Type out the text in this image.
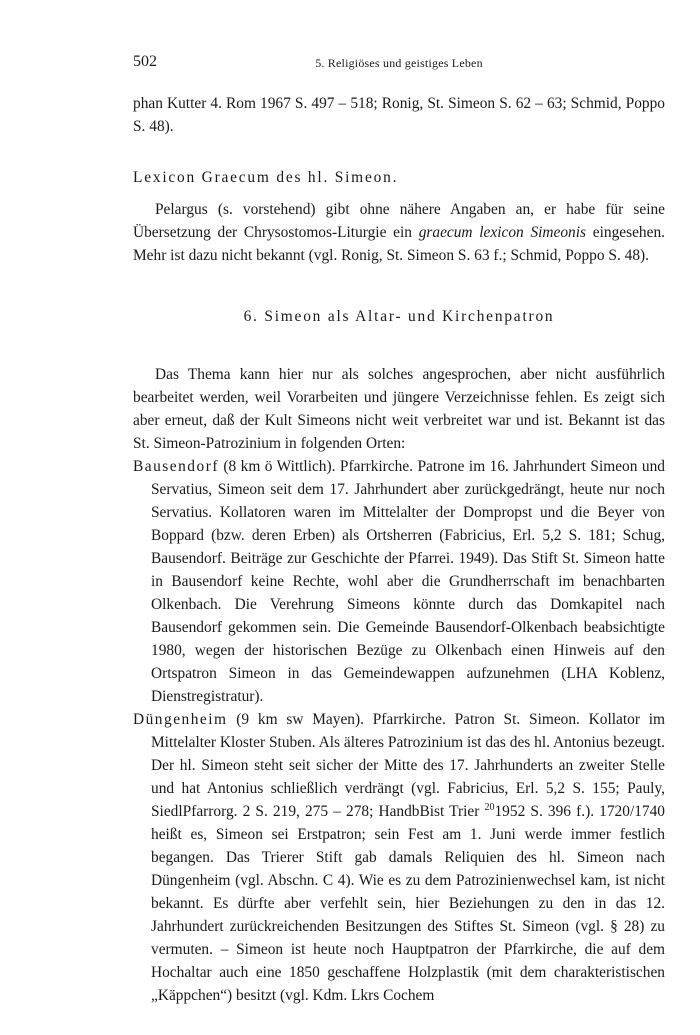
502	5. Religiöses und geistiges Leben

phan Kutter 4. Rom 1967 S. 497 – 518; Ronig, St. Simeon S. 62 – 63; Schmid, Poppo S. 48).

Lexicon Graecum des hl. Simeon.

Pelargus (s. vorstehend) gibt ohne nähere Angaben an, er habe für seine Übersetzung der Chrysostomos-Liturgie ein graecum lexicon Simeonis eingesehen. Mehr ist dazu nicht bekannt (vgl. Ronig, St. Simeon S. 63 f.; Schmid, Poppo S. 48).

6. Simeon als Altar- und Kirchenpatron

Das Thema kann hier nur als solches angesprochen, aber nicht ausführlich bearbeitet werden, weil Vorarbeiten und jüngere Verzeichnisse fehlen. Es zeigt sich aber erneut, daß der Kult Simeons nicht weit verbreitet war und ist. Bekannt ist das St. Simeon-Patrozinium in folgenden Orten:

Bausendorf (8 km ö Wittlich). Pfarrkirche. Patrone im 16. Jahrhundert Simeon und Servatius, Simeon seit dem 17. Jahrhundert aber zurückgedrängt, heute nur noch Servatius. Kollatoren waren im Mittelalter der Dompropst und die Beyer von Boppard (bzw. deren Erben) als Ortsherren (Fabricius, Erl. 5,2 S. 181; Schug, Bausendorf. Beiträge zur Geschichte der Pfarrei. 1949). Das Stift St. Simeon hatte in Bausendorf keine Rechte, wohl aber die Grundherrschaft im benachbarten Olkenbach. Die Verehrung Simeons könnte durch das Domkapitel nach Bausendorf gekommen sein. Die Gemeinde Bausendorf-Olkenbach beabsichtigte 1980, wegen der historischen Bezüge zu Olkenbach einen Hinweis auf den Ortspatron Simeon in das Gemeindewappen aufzunehmen (LHA Koblenz, Dienstregistratur).

Düngenheim (9 km sw Mayen). Pfarrkirche. Patron St. Simeon. Kollator im Mittelalter Kloster Stuben. Als älteres Patrozinium ist das des hl. Antonius bezeugt. Der hl. Simeon steht seit sicher der Mitte des 17. Jahrhunderts an zweiter Stelle und hat Antonius schließlich verdrängt (vgl. Fabricius, Erl. 5,2 S. 155; Pauly, SiedlPfarrorg. 2 S. 219, 275 – 278; HandbBist Trier $^{20}$1952 S. 396 f.). 1720/1740 heißt es, Simeon sei Erstpatron; sein Fest am 1. Juni werde immer festlich begangen. Das Trierer Stift gab damals Reliquien des hl. Simeon nach Düngenheim (vgl. Abschn. C 4). Wie es zu dem Patrozinienwechsel kam, ist nicht bekannt. Es dürfte aber verfehlt sein, hier Beziehungen zu den in das 12. Jahrhundert zurückreichenden Besitzungen des Stiftes St. Simeon (vgl. § 28) zu vermuten. – Simeon ist heute noch Hauptpatron der Pfarrkirche, die auf dem Hochaltar auch eine 1850 geschaffene Holzplastik (mit dem charakteristischen „Käppchen“) besitzt (vgl. Kdm. Lkrs Cochem
